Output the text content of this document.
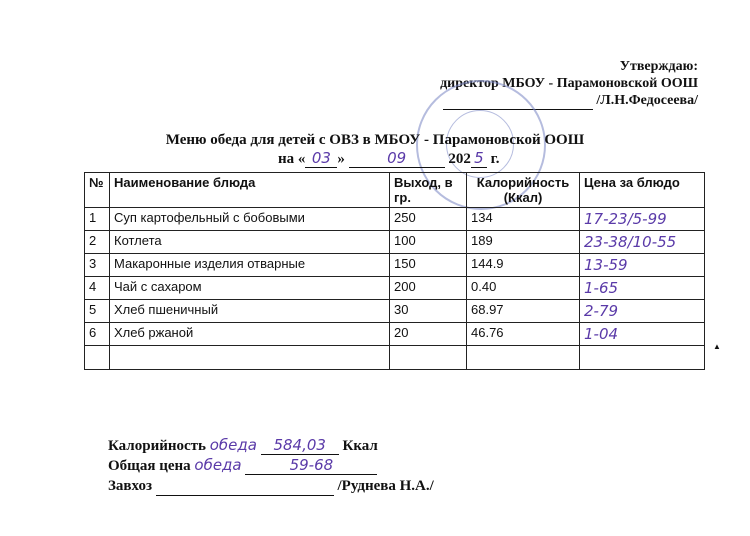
Утверждаю:
директор МБОУ - Парамоновской ООШ
/Л.Н.Федосеева/
Меню обеда для детей с ОВЗ в МБОУ - Парамоновской ООШ
на « 03 »	09	202 5 г.
№	Наименование блюда	Выход, в гр.	Калорийность (Ккал)	Цена за блюдо
1	Суп картофельный с бобовыми	250	134	17-23/5-99
2	Котлета	100	189	23-38/10-55
3	Макаронные изделия отварные	150	144.9	13-59
4	Чай с сахаром	200	0.40	1-65
5	Хлеб пшеничный	30	68.97	2-79
6	Хлеб ржаной	20	46.76	1-04

▲
Калорийность обеда 584,03 Ккал
Общая цена обеда	59-68
Завхоз	/Руднева Н.А./
